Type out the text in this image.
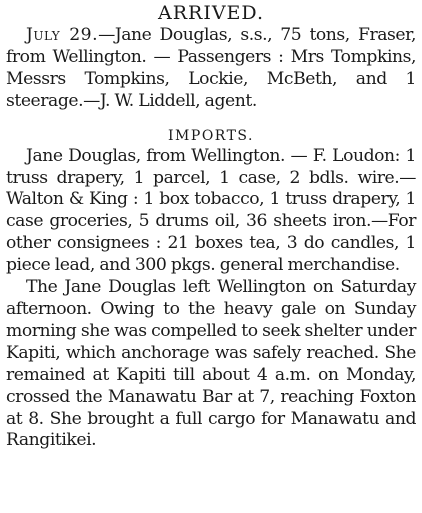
ARRIVED.

July 29.—Jane Douglas, s.s., 75 tons, Fraser, from Wellington. — Passengers : Mrs Tompkins, Messrs Tompkins, Lockie, McBeth, and 1 steerage.—J. W. Liddell, agent.

IMPORTS.

Jane Douglas, from Wellington. — F. Loudon: 1 truss drapery, 1 parcel, 1 case, 2 bdls. wire.—Walton & King : 1 box tobacco, 1 truss drapery, 1 case groceries, 5 drums oil, 36 sheets iron.—For other consignees : 21 boxes tea, 3 do candles, 1 piece lead, and 300 pkgs. general merchandise.

The Jane Douglas left Wellington on Saturday afternoon. Owing to the heavy gale on Sunday morning she was compelled to seek shelter under Kapiti, which anchorage was safely reached. She remained at Kapiti till about 4 a.m. on Monday, crossed the Manawatu Bar at 7, reaching Foxton at 8. She brought a full cargo for Manawatu and Rangitikei.
